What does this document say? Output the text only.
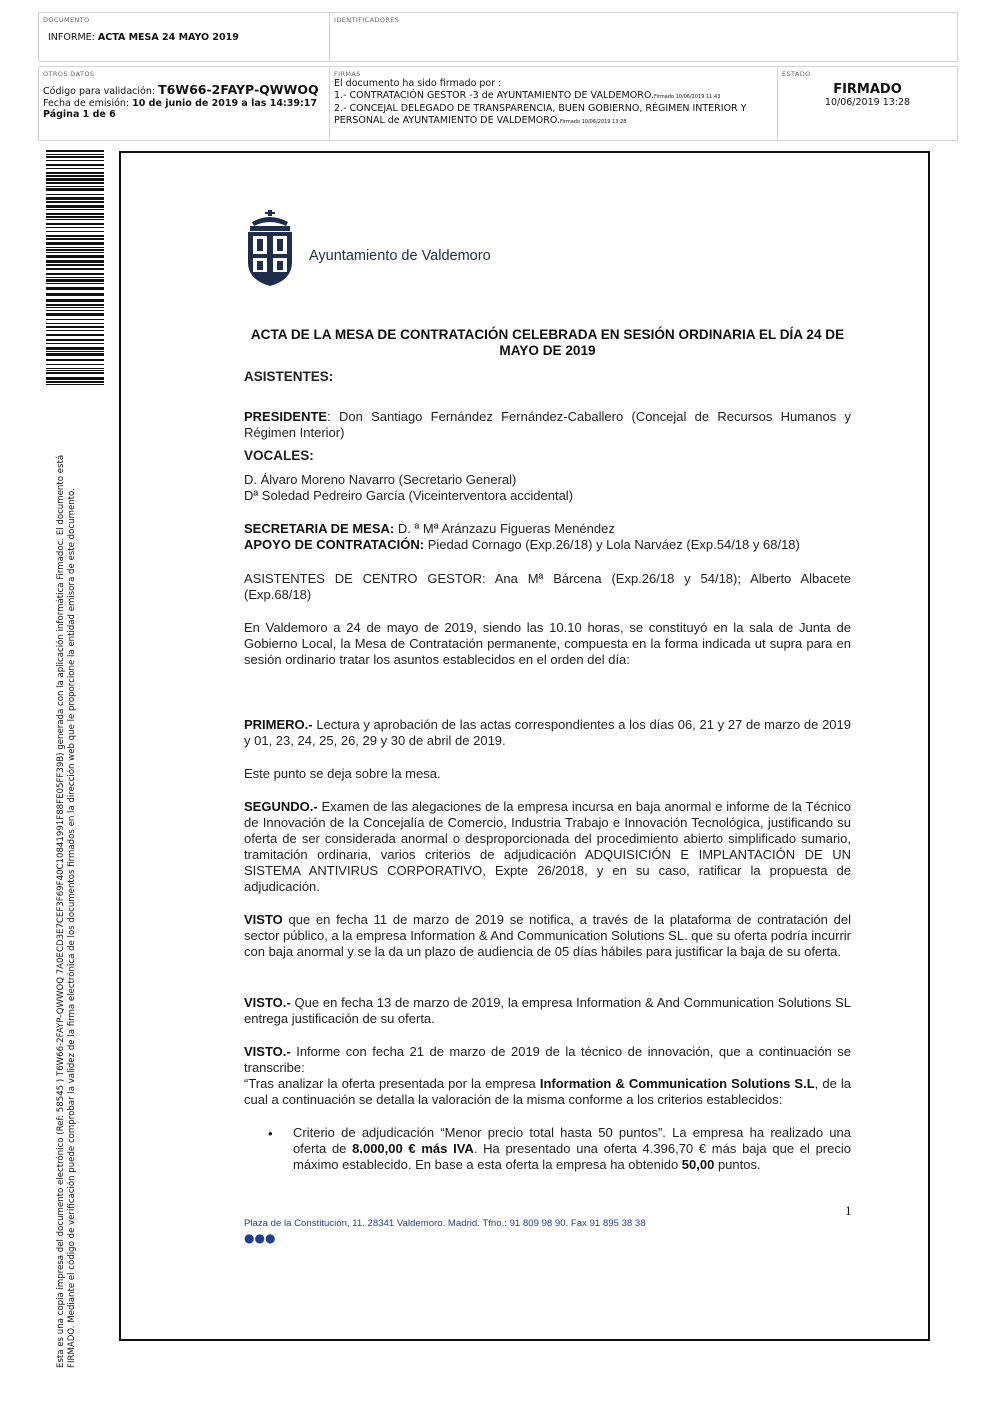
DOCUMENTO
INFORME: ACTA MESA 24 MAYO 2019
IDENTIFICADORES
OTROS DATOS
Código para validación: T6W66-2FAYP-QWWOQ
Fecha de emisión: 10 de junio de 2019 a las 14:39:17
Página 1 de 6
FIRMAS
El documento ha sido firmado por :
1.- CONTRATACIÓN GESTOR -3 de AYUNTAMIENTO DE VALDEMORO.Firmado 10/06/2019 11:43
2.- CONCEJAL DELEGADO DE TRANSPARENCIA, BUEN GOBIERNO, RÉGIMEN INTERIOR Y PERSONAL de AYUNTAMIENTO DE VALDEMORO.Firmado 10/06/2019 13:28
ESTADO
FIRMADO
10/06/2019 13:28
Esta es una copia impresa del documento electrónico (Ref: 58545 ) T6W66-2FAYP-QWWOQ 7A0ECD3E7CEF3F69F40C10841991F88FE05FF39B) generada con la aplicación informática Firmadoc. El documento está FIRMADO. Mediante el código de verificación puede comprobar la validez de la firma electrónica de los documentos firmados en la dirección web que le proporcione la entidad emisora de este documento.
Ayuntamiento de Valdemoro
ACTA DE LA MESA DE CONTRATACIÓN CELEBRADA EN SESIÓN ORDINARIA EL DÍA 24 DE MAYO DE 2019
ASISTENTES:
PRESIDENTE: Don Santiago Fernández Fernández-Caballero (Concejal de Recursos Humanos y Régimen Interior)
VOCALES:
D. Álvaro Moreno Navarro (Secretario General)
Dª Soledad Pedreiro García (Viceinterventora accidental)
SECRETARIA DE MESA: D. ª Mª Aránzazu Figueras Menéndez
APOYO DE CONTRATACIÓN: Piedad Cornago (Exp.26/18) y Lola Narváez (Exp.54/18 y 68/18)
ASISTENTES DE CENTRO GESTOR: Ana Mª Bárcena (Exp.26/18 y 54/18); Alberto Albacete (Exp.68/18)
En Valdemoro a 24 de mayo de 2019, siendo las 10.10 horas, se constituyó en la sala de Junta de Gobierno Local, la Mesa de Contratación permanente, compuesta en la forma indicada ut supra para en sesión ordinario tratar los asuntos establecidos en el orden del día:
PRIMERO.- Lectura y aprobación de las actas correspondientes a los días 06, 21 y 27 de marzo de 2019 y 01, 23, 24, 25, 26, 29 y 30 de abril de 2019.
Este punto se deja sobre la mesa.
SEGUNDO.- Examen de las alegaciones de la empresa incursa en baja anormal e informe de la Técnico de Innovación de la Concejalía de Comercio, Industria Trabajo e Innovación Tecnológica, justificando su oferta de ser considerada anormal o desproporcionada del procedimiento abierto simplificado sumario, tramitación ordinaria, varios criterios de adjudicación ADQUISICIÓN E IMPLANTACIÓN DE UN SISTEMA ANTIVIRUS CORPORATIVO, Expte 26/2018, y en su caso, ratificar la propuesta de adjudicación.
VISTO que en fecha 11 de marzo de 2019 se notifica, a través de la plataforma de contratación del sector público, a la empresa Information & And Communication Solutions SL. que su oferta podría incurrir con baja anormal y se la da un plazo de audiencia de 05 días hábiles para justificar la baja de su oferta.
VISTO.- Que en fecha 13 de marzo de 2019, la empresa Information & And Communication Solutions SL entrega justificación de su oferta.
VISTO.- Informe con fecha 21 de marzo de 2019 de la técnico de innovación, que a continuación se transcribe:
“Tras analizar la oferta presentada por la empresa Information & Communication Solutions S.L, de la cual a continuación se detalla la valoración de la misma conforme a los criterios establecidos:
• Criterio de adjudicación “Menor precio total hasta 50 puntos”. La empresa ha realizado una oferta de 8.000,00 € más IVA. Ha presentado una oferta 4.396,70 € más baja que el precio máximo establecido. En base a esta oferta la empresa ha obtenido 50,00 puntos.
1
Plaza de la Constitución, 11. 28341 Valdemoro. Madrid. Tfno.: 91 809 98 90. Fax 91 895 38 38
●●●
